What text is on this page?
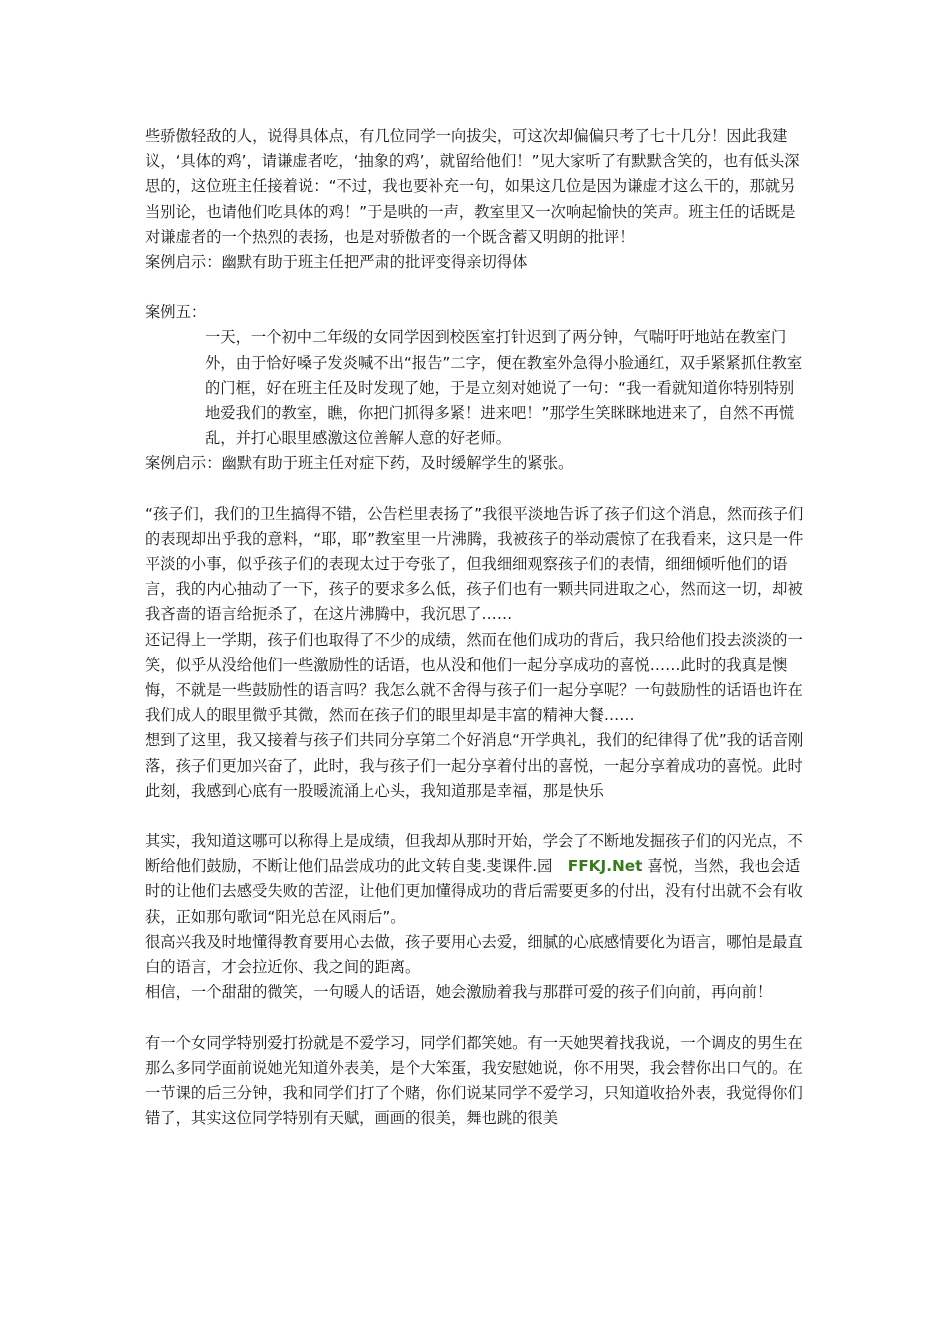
些骄傲轻敌的人，说得具体点，有几位同学一向拔尖，可这次却偏偏只考了七十几分！因此我建议，‘具体的鸡’，请谦虚者吃，‘抽象的鸡’，就留给他们！”见大家听了有默默含笑的，也有低头深思的，这位班主任接着说：“不过，我也要补充一句，如果这几位是因为谦虚才这么干的，那就另当别论，也请他们吃具体的鸡！”于是哄的一声，教室里又一次响起愉快的笑声。班主任的话既是对谦虚者的一个热烈的表扬，也是对骄傲者的一个既含蓄又明朗的批评！

案例启示：幽默有助于班主任把严肃的批评变得亲切得体

案例五：

一天，一个初中二年级的女同学因到校医室打针迟到了两分钟，气喘吁吁地站在教室门外，由于恰好嗓子发炎喊不出“报告”二字，便在教室外急得小脸通红，双手紧紧抓住教室的门框，好在班主任及时发现了她，于是立刻对她说了一句：“我一看就知道你特别特别地爱我们的教室，瞧，你把门抓得多紧！进来吧！”那学生笑眯眯地进来了，自然不再慌乱，并打心眼里感激这位善解人意的好老师。

案例启示：幽默有助于班主任对症下药，及时缓解学生的紧张。

“孩子们，我们的卫生搞得不错，公告栏里表扬了”我很平淡地告诉了孩子们这个消息，然而孩子们的表现却出乎我的意料，“耶，耶”教室里一片沸腾，我被孩子的举动震惊了在我看来，这只是一件平淡的小事，似乎孩子们的表现太过于夸张了，但我细细观察孩子们的表情，细细倾听他们的语言，我的内心抽动了一下，孩子的要求多么低，孩子们也有一颗共同进取之心，然而这一切，却被我吝啬的语言给扼杀了，在这片沸腾中，我沉思了……

还记得上一学期，孩子们也取得了不少的成绩，然而在他们成功的背后，我只给他们投去淡淡的一笑，似乎从没给他们一些激励性的话语，也从没和他们一起分享成功的喜悦……此时的我真是懊悔，不就是一些鼓励性的语言吗？我怎么就不舍得与孩子们一起分享呢？一句鼓励性的话语也许在我们成人的眼里微乎其微，然而在孩子们的眼里却是丰富的精神大餐……

想到了这里，我又接着与孩子们共同分享第二个好消息“开学典礼，我们的纪律得了优”我的话音刚落，孩子们更加兴奋了，此时，我与孩子们一起分享着付出的喜悦，一起分享着成功的喜悦。此时此刻，我感到心底有一股暖流涌上心头，我知道那是幸福，那是快乐

其实，我知道这哪可以称得上是成绩，但我却从那时开始，学会了不断地发掘孩子们的闪光点，不断给他们鼓励，不断让他们品尝成功的此文转自斐.斐课件.园　FFKJ.Net 喜悦，当然，我也会适时的让他们去感受失败的苦涩，让他们更加懂得成功的背后需要更多的付出，没有付出就不会有收获，正如那句歌词“阳光总在风雨后”。

很高兴我及时地懂得教育要用心去做，孩子要用心去爱，细腻的心底感情要化为语言，哪怕是最直白的语言，才会拉近你、我之间的距离。

相信，一个甜甜的微笑，一句暖人的话语，她会激励着我与那群可爱的孩子们向前，再向前！

有一个女同学特别爱打扮就是不爱学习，同学们都笑她。有一天她哭着找我说，一个调皮的男生在那么多同学面前说她光知道外表美，是个大笨蛋，我安慰她说，你不用哭，我会替你出口气的。在一节课的后三分钟，我和同学们打了个赌，你们说某同学不爱学习，只知道收拾外表，我觉得你们错了，其实这位同学特别有天赋，画画的很美，舞也跳的很美
